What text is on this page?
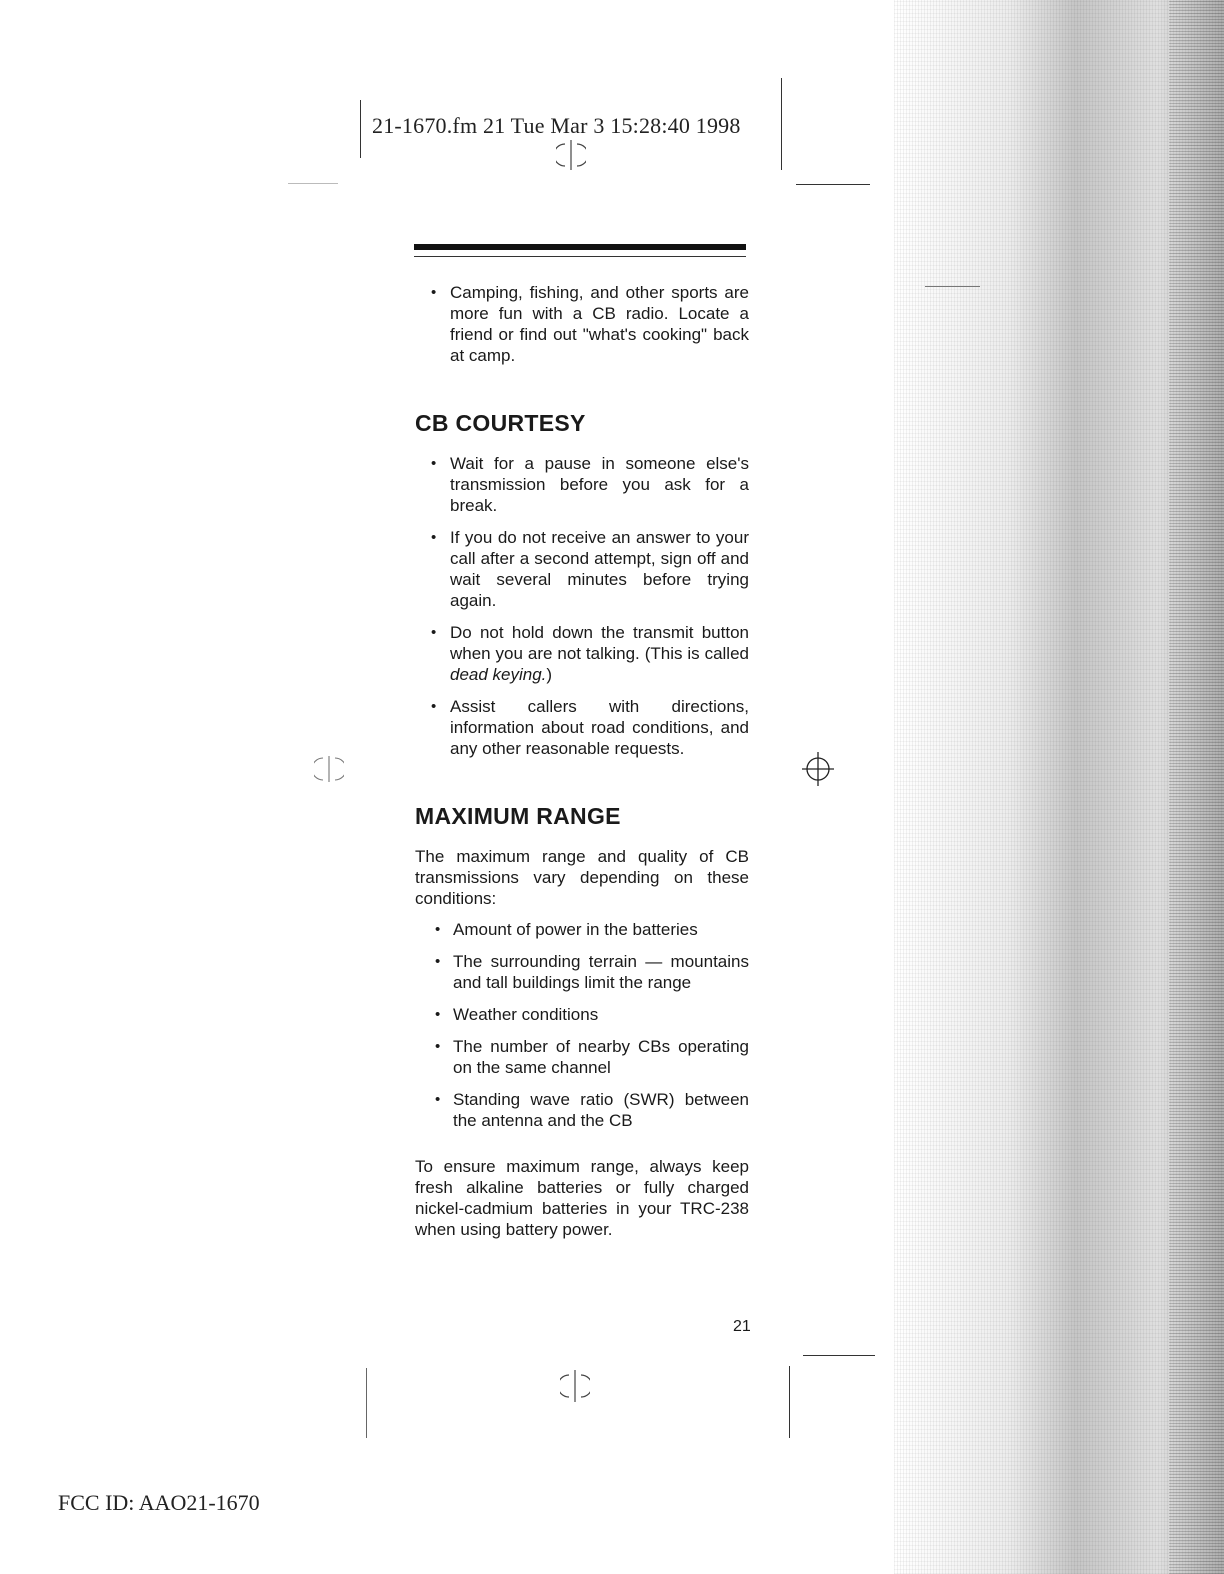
21-1670.fm 21 Tue Mar 3 15:28:40 1998
• Camping, fishing, and other sports are more fun with a CB radio. Locate a friend or find out "what's cooking" back at camp.
CB COURTESY
• Wait for a pause in someone else's transmission before you ask for a break.
• If you do not receive an answer to your call after a second attempt, sign off and wait several minutes before trying again.
• Do not hold down the transmit button when you are not talking. (This is called dead keying.)
• Assist callers with directions, information about road conditions, and any other reasonable requests.
MAXIMUM RANGE

The maximum range and quality of CB transmissions vary depending on these conditions:

• Amount of power in the batteries
• The surrounding terrain — mountains and tall buildings limit the range
• Weather conditions
• The number of nearby CBs operating on the same channel
• Standing wave ratio (SWR) between the antenna and the CB

To ensure maximum range, always keep fresh alkaline batteries or fully charged nickel-cadmium batteries in your TRC-238 when using battery power.

21
FCC ID: AAO21-1670
